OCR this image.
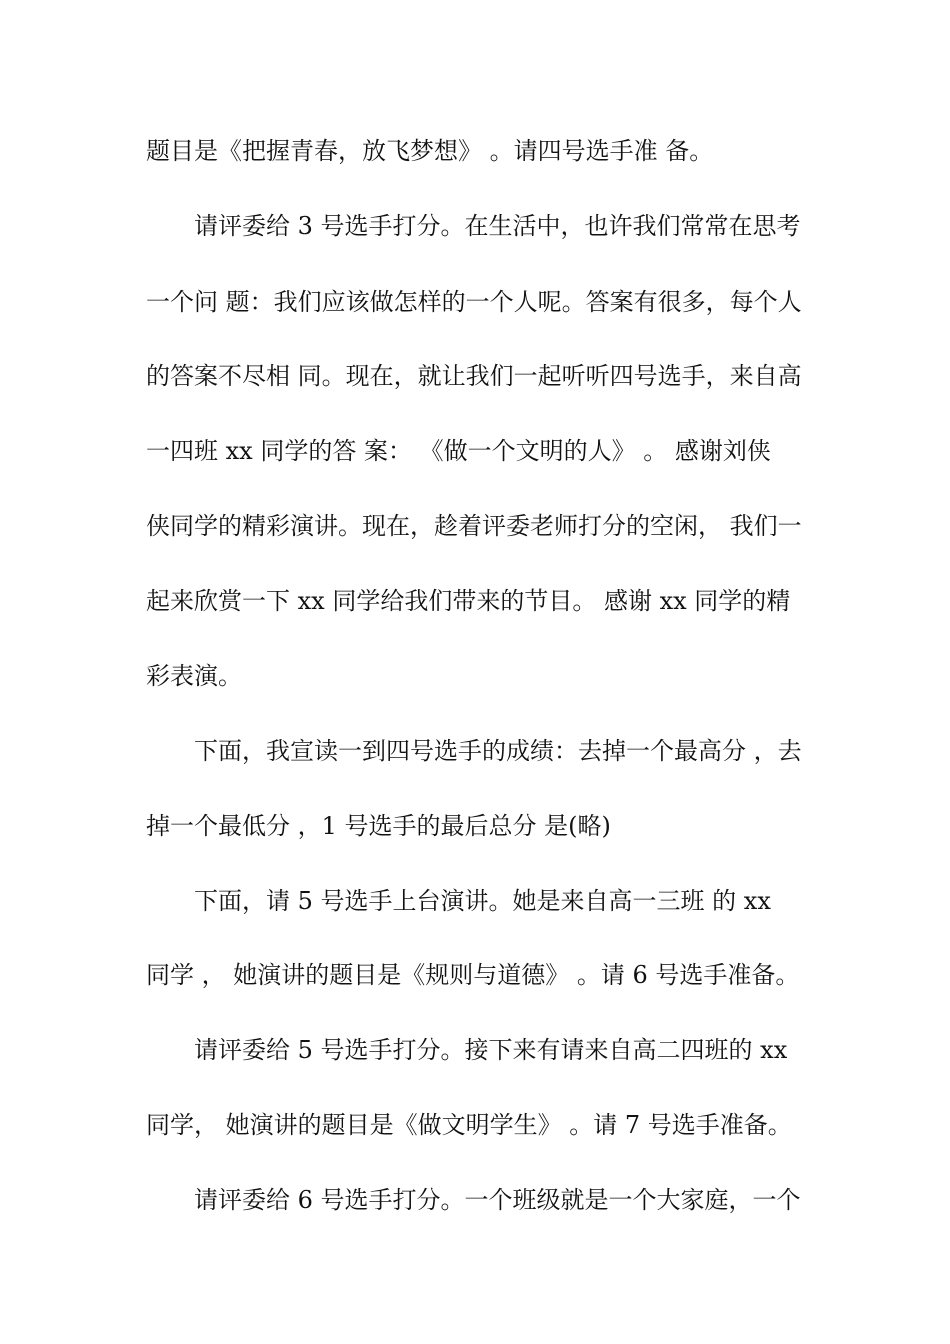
题目是《把握青春，放飞梦想》 。请四号选手准 备。
请评委给 3 号选手打分。在生活中，也许我们常常在思考
一个问 题：我们应该做怎样的一个人呢。答案有很多，每个人
的答案不尽相 同。现在，就让我们一起听听四号选手，来自高
一四班 xx 同学的答 案： 《做一个文明的人》 。 感谢刘侠
侠同学的精彩演讲。现在，趁着评委老师打分的空闲， 我们一
起来欣赏一下 xx 同学给我们带来的节目。 感谢 xx 同学的精
彩表演。
下面，我宣读一到四号选手的成绩：去掉一个最高分 ，去
掉一个最低分 ，1 号选手的最后总分 是(略)
下面，请 5 号选手上台演讲。她是来自高一三班 的 xx
同学 ， 她演讲的题目是《规则与道德》 。请 6 号选手准备。
请评委给 5 号选手打分。接下来有请来自高二四班的 xx
同学， 她演讲的题目是《做文明学生》 。请 7 号选手准备。
请评委给 6 号选手打分。一个班级就是一个大家庭，一个
